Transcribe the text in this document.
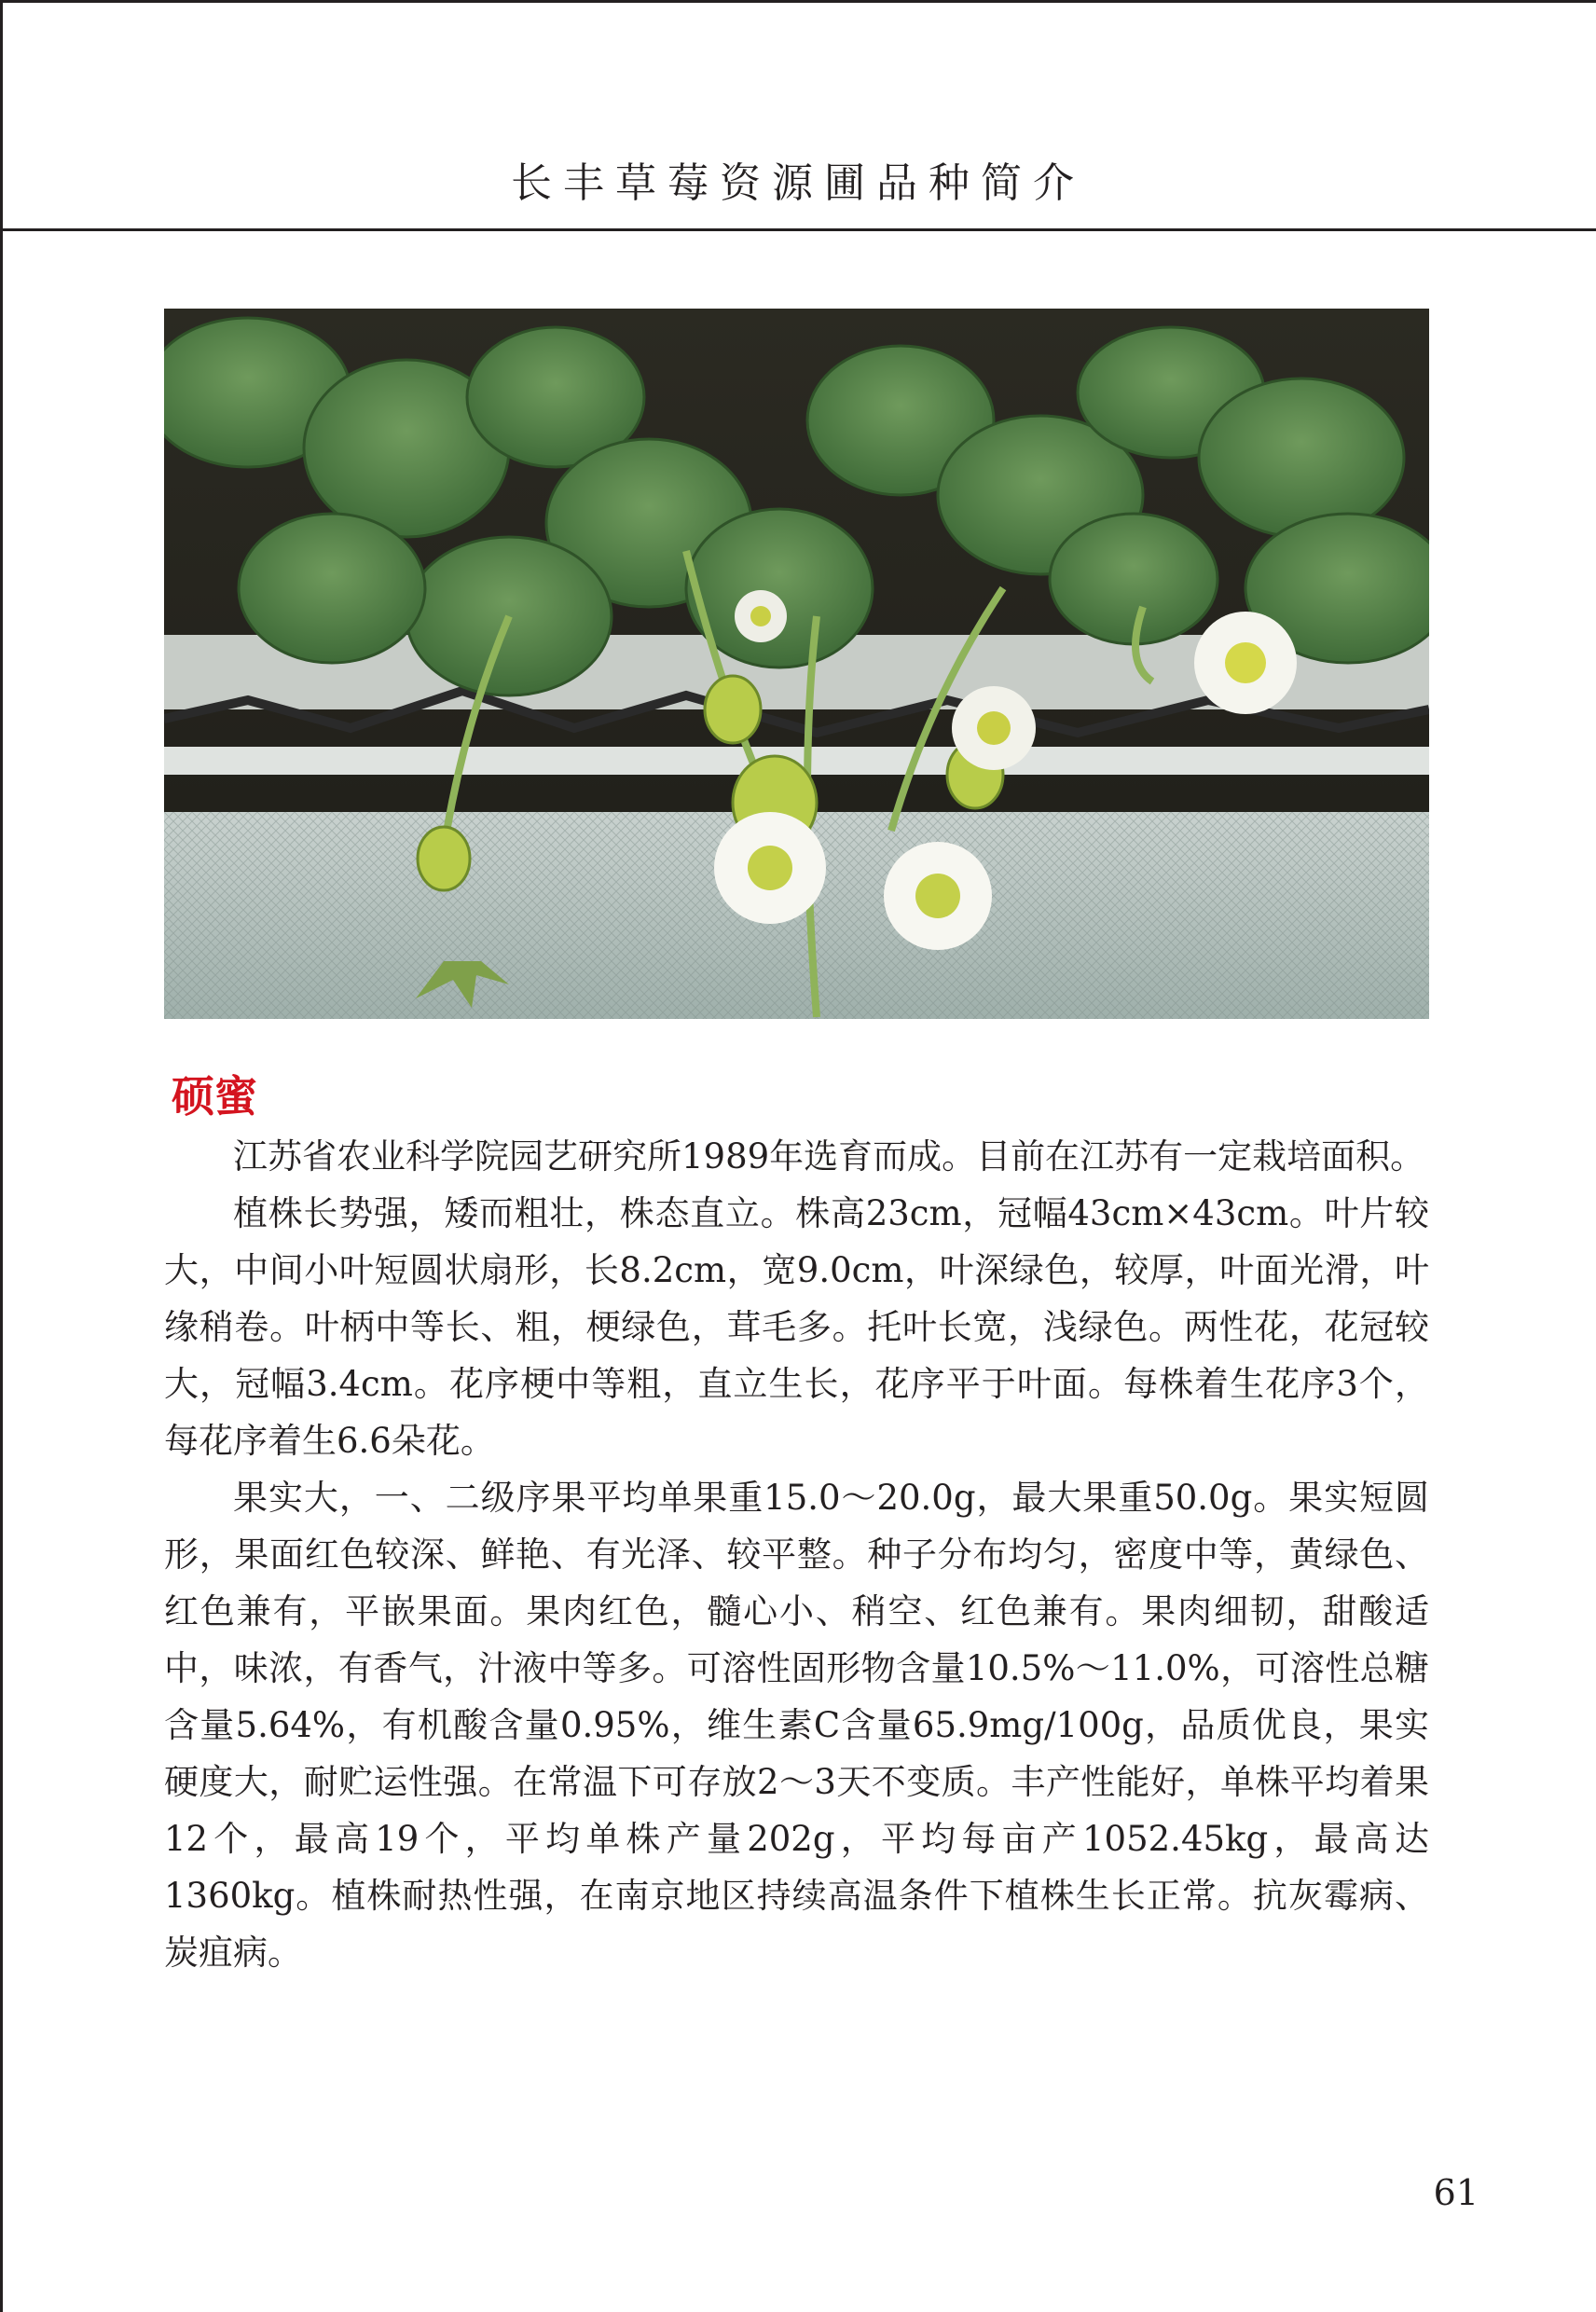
长丰草莓资源圃品种简介
硕蜜

江苏省农业科学院园艺研究所1989年选育而成。目前在江苏有一定栽培面积。

植株长势强，矮而粗壮，株态直立。株高23cm，冠幅43cm×43cm。叶片较大，中间小叶短圆状扇形，长8.2cm，宽9.0cm，叶深绿色，较厚，叶面光滑，叶缘稍卷。叶柄中等长、粗，梗绿色，茸毛多。托叶长宽，浅绿色。两性花，花冠较大，冠幅3.4cm。花序梗中等粗，直立生长，花序平于叶面。每株着生花序3个，每花序着生6.6朵花。

果实大，一、二级序果平均单果重15.0～20.0g，最大果重50.0g。果实短圆形，果面红色较深、鲜艳、有光泽、较平整。种子分布均匀，密度中等，黄绿色、红色兼有，平嵌果面。果肉红色，髓心小、稍空、红色兼有。果肉细韧，甜酸适中，味浓，有香气，汁液中等多。可溶性固形物含量10.5%～11.0%，可溶性总糖含量5.64%，有机酸含量0.95%，维生素C含量65.9mg/100g，品质优良，果实硬度大，耐贮运性强。在常温下可存放2～3天不变质。丰产性能好，单株平均着果12个，最高19个，平均单株产量202g，平均每亩产1052.45kg，最高达1360kg。植株耐热性强，在南京地区持续高温条件下植株生长正常。抗灰霉病、炭疽病。

61
